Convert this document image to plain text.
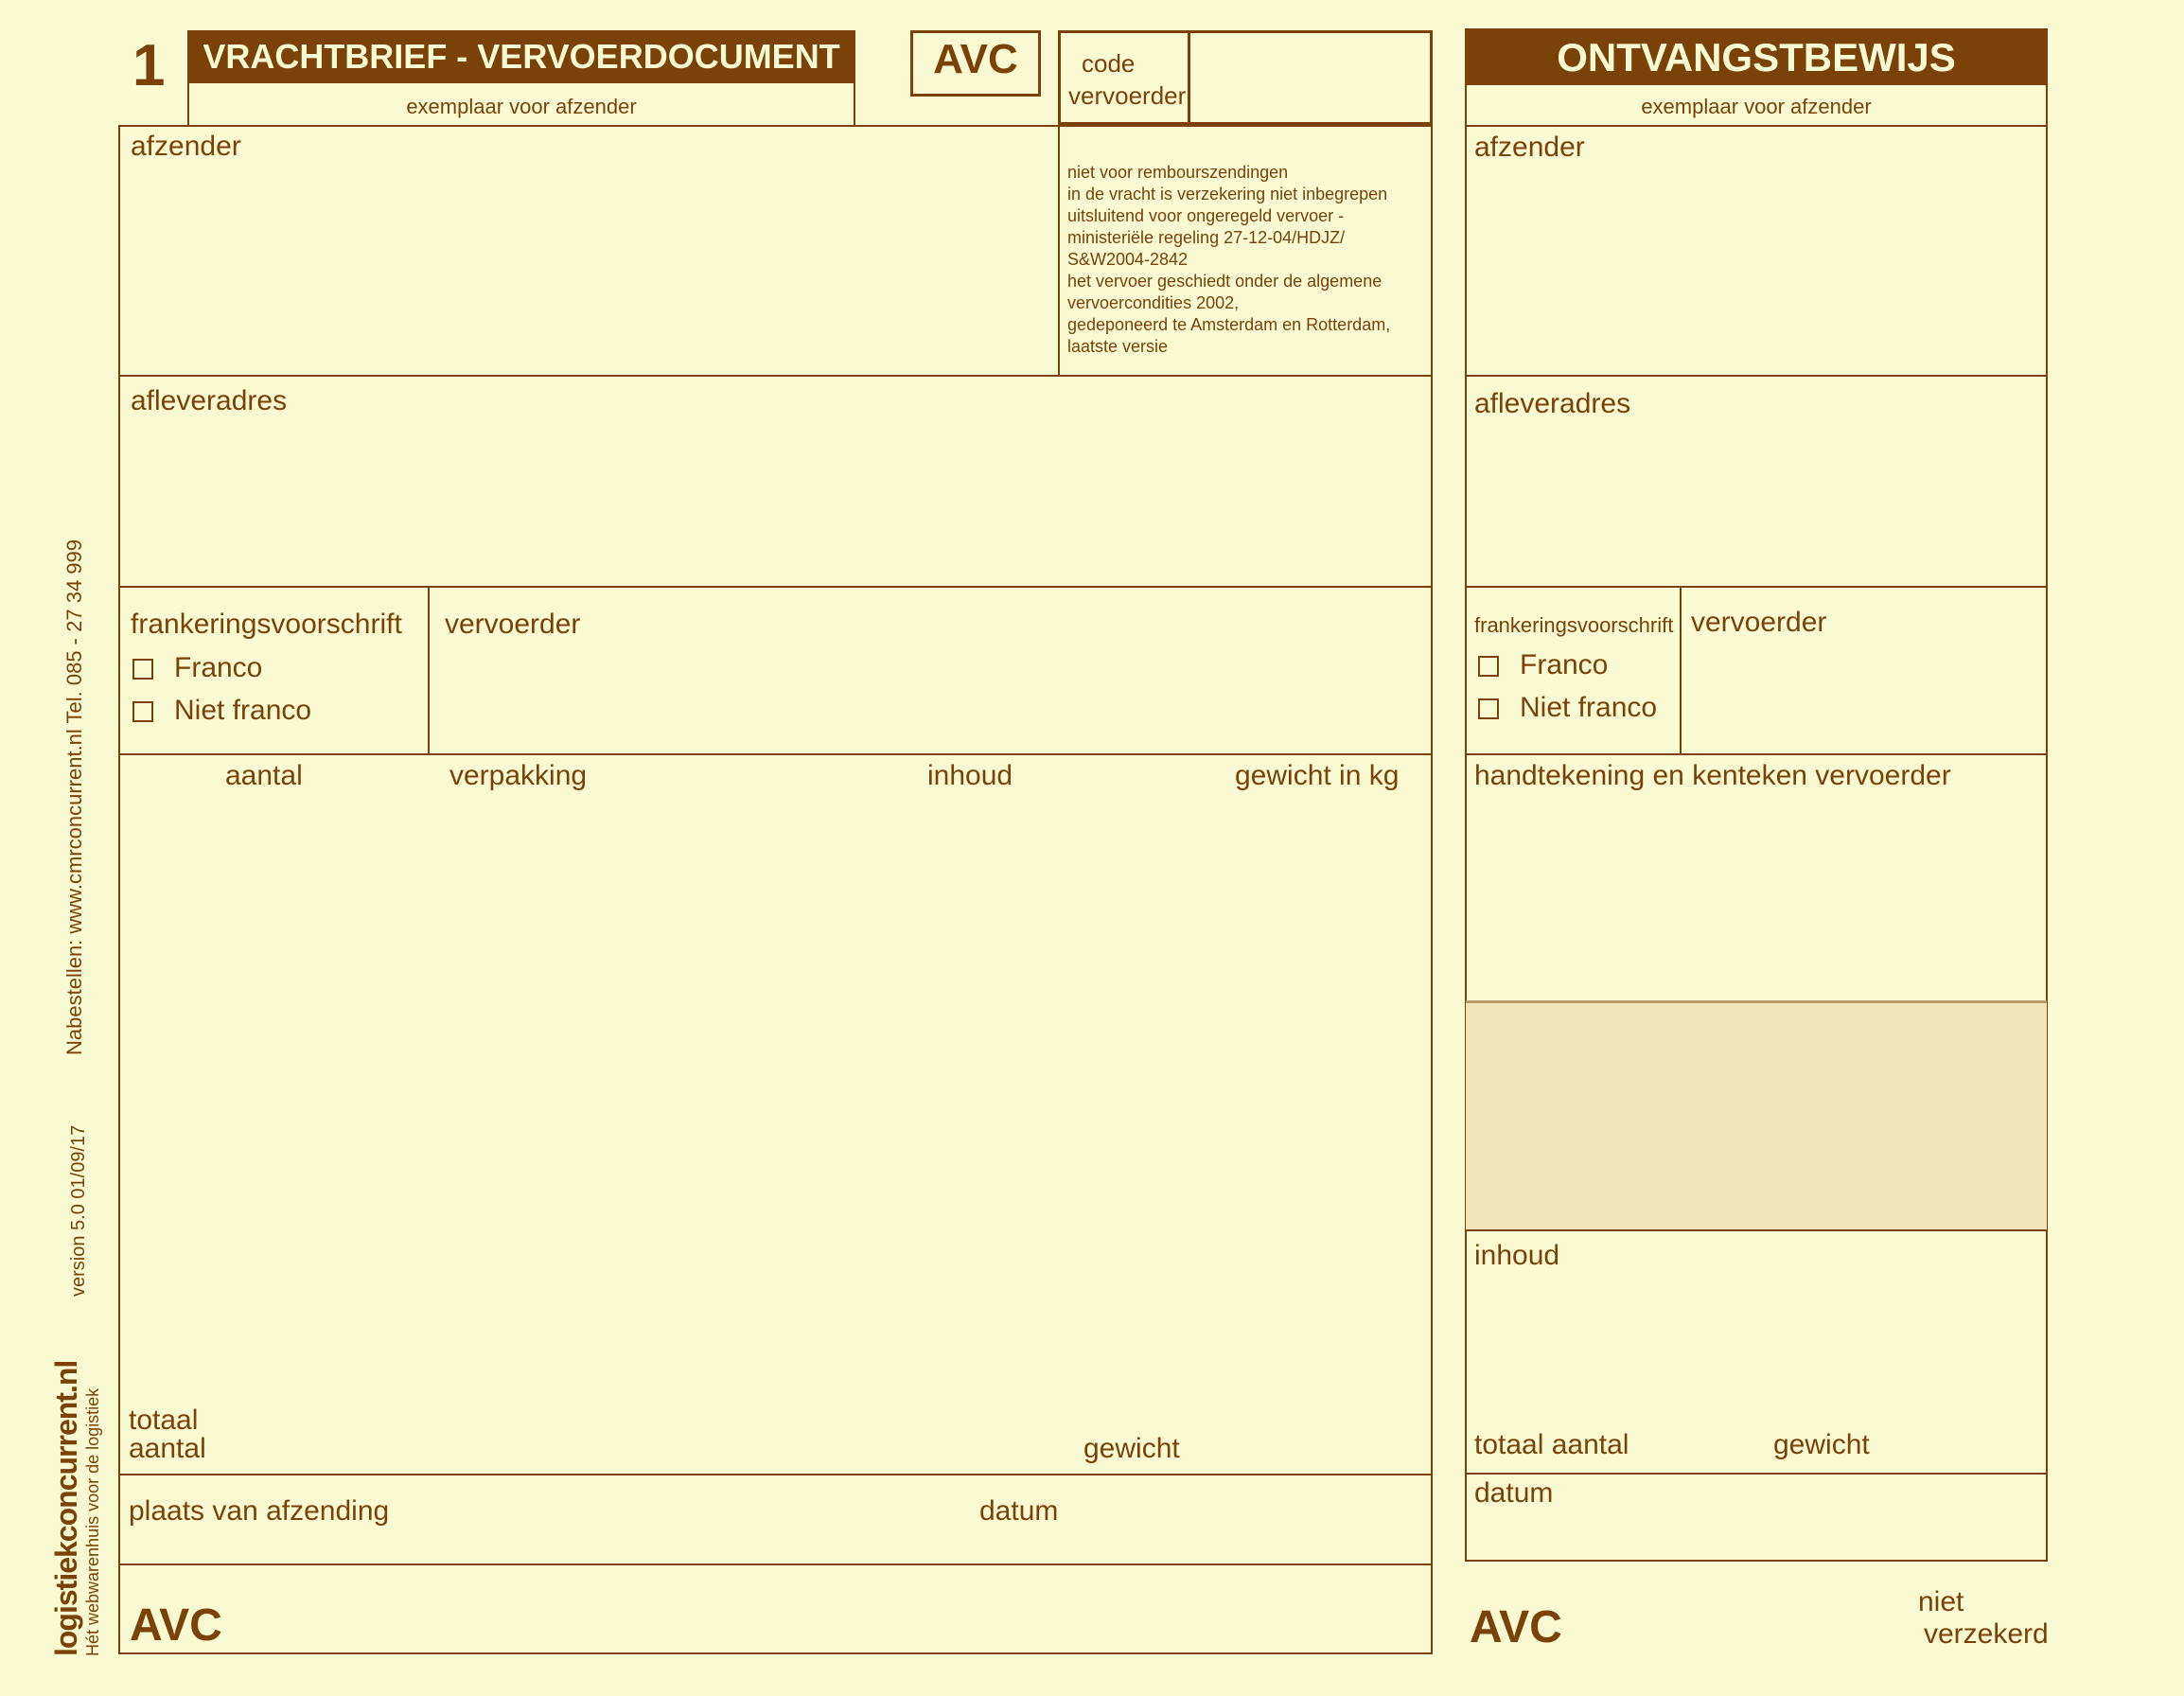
Nabestellen: www.cmrconcurrent.nl Tel. 085 - 27 34 999
version 5.0 01/09/17
logistiekconcurrent.nl Hét webwarenhuis voor de logistiek
1	VRACHTBRIEF - VERVOERDOCUMENT
exemplaar voor afzender
AVC	code
vervoerder
afzender
niet voor rembourszendingen
in de vracht is verzekering niet inbegrepen
uitsluitend voor ongeregeld vervoer -
ministeriële regeling 27-12-04/HDJZ/
S&W2004-2842
het vervoer geschiedt onder de algemene
vervoercondities 2002,
gedeponeerd te Amsterdam en Rotterdam,
laatste versie
afleveradres
frankeringsvoorschrift
Franco
Niet franco
vervoerder
aantal	verpakking	inhoud	gewicht in kg
totaal
aantal	gewicht
plaats van afzending	datum
AVC
ONTVANGSTBEWIJS
exemplaar voor afzender
afzender
afleveradres
frankeringsvoorschrift
Franco
Niet franco
vervoerder
handtekening en kenteken vervoerder
inhoud
totaal aantal	gewicht
datum
AVC
niet
verzekerd
